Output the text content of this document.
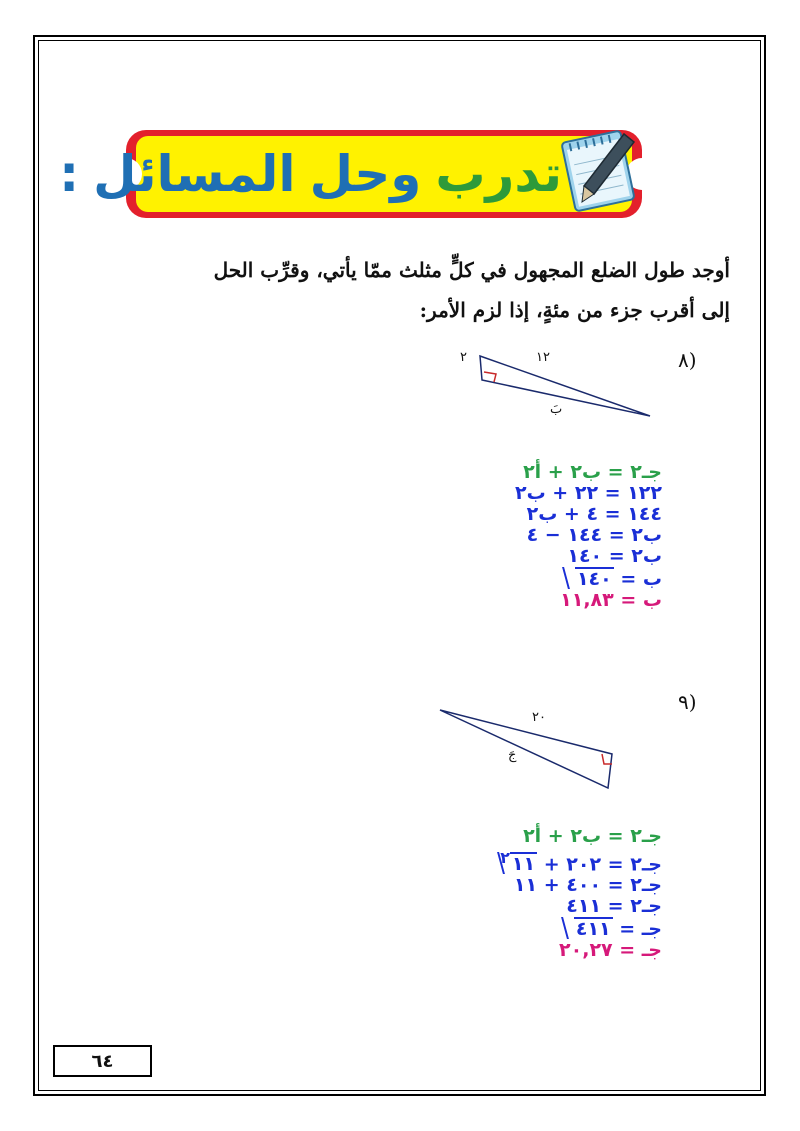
تدرب
وحل
المسائل
:
أوجد طول الضلع المجهول في كلٍّ مثلث ممّا يأتي، وقرِّب الحل
إلى أقرب جزء من مئةٍ، إذا لزم الأمر:
(٨
٢	١٢
بَ
جـ٢ = ب٢ + أ٢
١٢٢ = ٢٢ + ب٢
١٤٤ = ٤ + ب٢
ب٢ = ١٤٤ − ٤
ب٢ = ١٤٠
ب = ١٤٠
ب = ١١,٨٣
(٩

٢٠
جَ
جـ٢ = ب٢ + أ٢
جـ٢ = ٢٠٢ + $١١^٢$
جـ٢ = ٤٠٠ + ١١
جـ٢ = ٤١١
جـ = ٤١١
جـ = ٢٠,٢٧
٦٤
